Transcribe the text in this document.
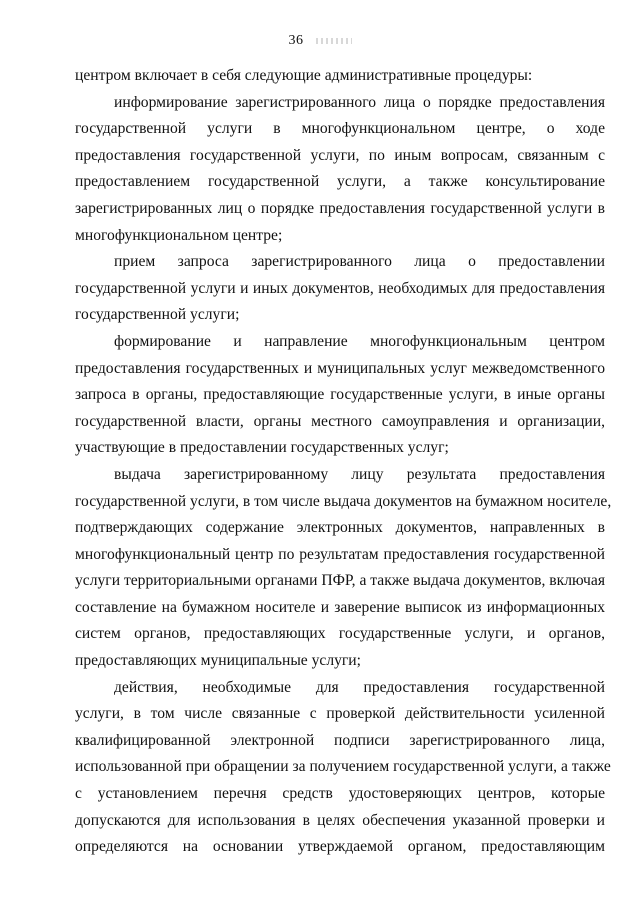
36
центром включает в себя следующие административные процедуры:
информирование зарегистрированного лица о порядке предоставления
государственной услуги в многофункциональном центре, о ходе
предоставления государственной услуги, по иным вопросам, связанным с
предоставлением государственной услуги, а также консультирование
зарегистрированных лиц о порядке предоставления государственной услуги в
многофункциональном центре;
прием запроса зарегистрированного лица о предоставлении
государственной услуги и иных документов, необходимых для предоставления
государственной услуги;
формирование и направление многофункциональным центром
предоставления государственных и муниципальных услуг межведомственного
запроса в органы, предоставляющие государственные услуги, в иные органы
государственной власти, органы местного самоуправления и организации,
участвующие в предоставлении государственных услуг;
выдача зарегистрированному лицу результата предоставления
государственной услуги, в том числе выдача документов на бумажном носителе,
подтверждающих содержание электронных документов, направленных в
многофункциональный центр по результатам предоставления государственной
услуги территориальными органами ПФР, а также выдача документов, включая
составление на бумажном носителе и заверение выписок из информационных
систем органов, предоставляющих государственные услуги, и органов,
предоставляющих муниципальные услуги;
действия, необходимые для предоставления государственной
услуги, в том числе связанные с проверкой действительности усиленной
квалифицированной электронной подписи зарегистрированного лица,
использованной при обращении за получением государственной услуги, а также
с установлением перечня средств удостоверяющих центров, которые
допускаются для использования в целях обеспечения указанной проверки и
определяются на основании утверждаемой органом, предоставляющим
